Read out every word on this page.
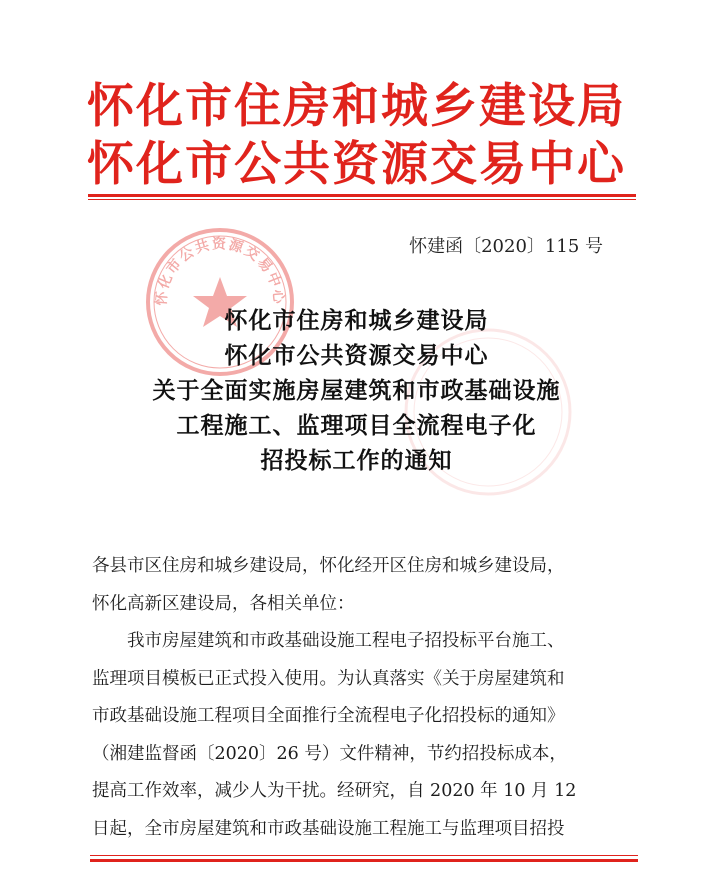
怀化市住房和城乡建设局
怀化市公共资源交易中心
怀建函〔2020〕115 号
怀化市公共资源交易中心
怀化市住房和城乡建设局
怀化市公共资源交易中心
关于全面实施房屋建筑和市政基础设施
工程施工、监理项目全流程电子化
招投标工作的通知
各县市区住房和城乡建设局，怀化经开区住房和城乡建设局，
怀化高新区建设局，各相关单位：
　　我市房屋建筑和市政基础设施工程电子招投标平台施工、
监理项目模板已正式投入使用。为认真落实《关于房屋建筑和
市政基础设施工程项目全面推行全流程电子化招投标的通知》
（湘建监督函〔2020〕26 号）文件精神，节约招投标成本，
提高工作效率，减少人为干扰。经研究，自 2020 年 10 月 12
日起，全市房屋建筑和市政基础设施工程施工与监理项目招投
